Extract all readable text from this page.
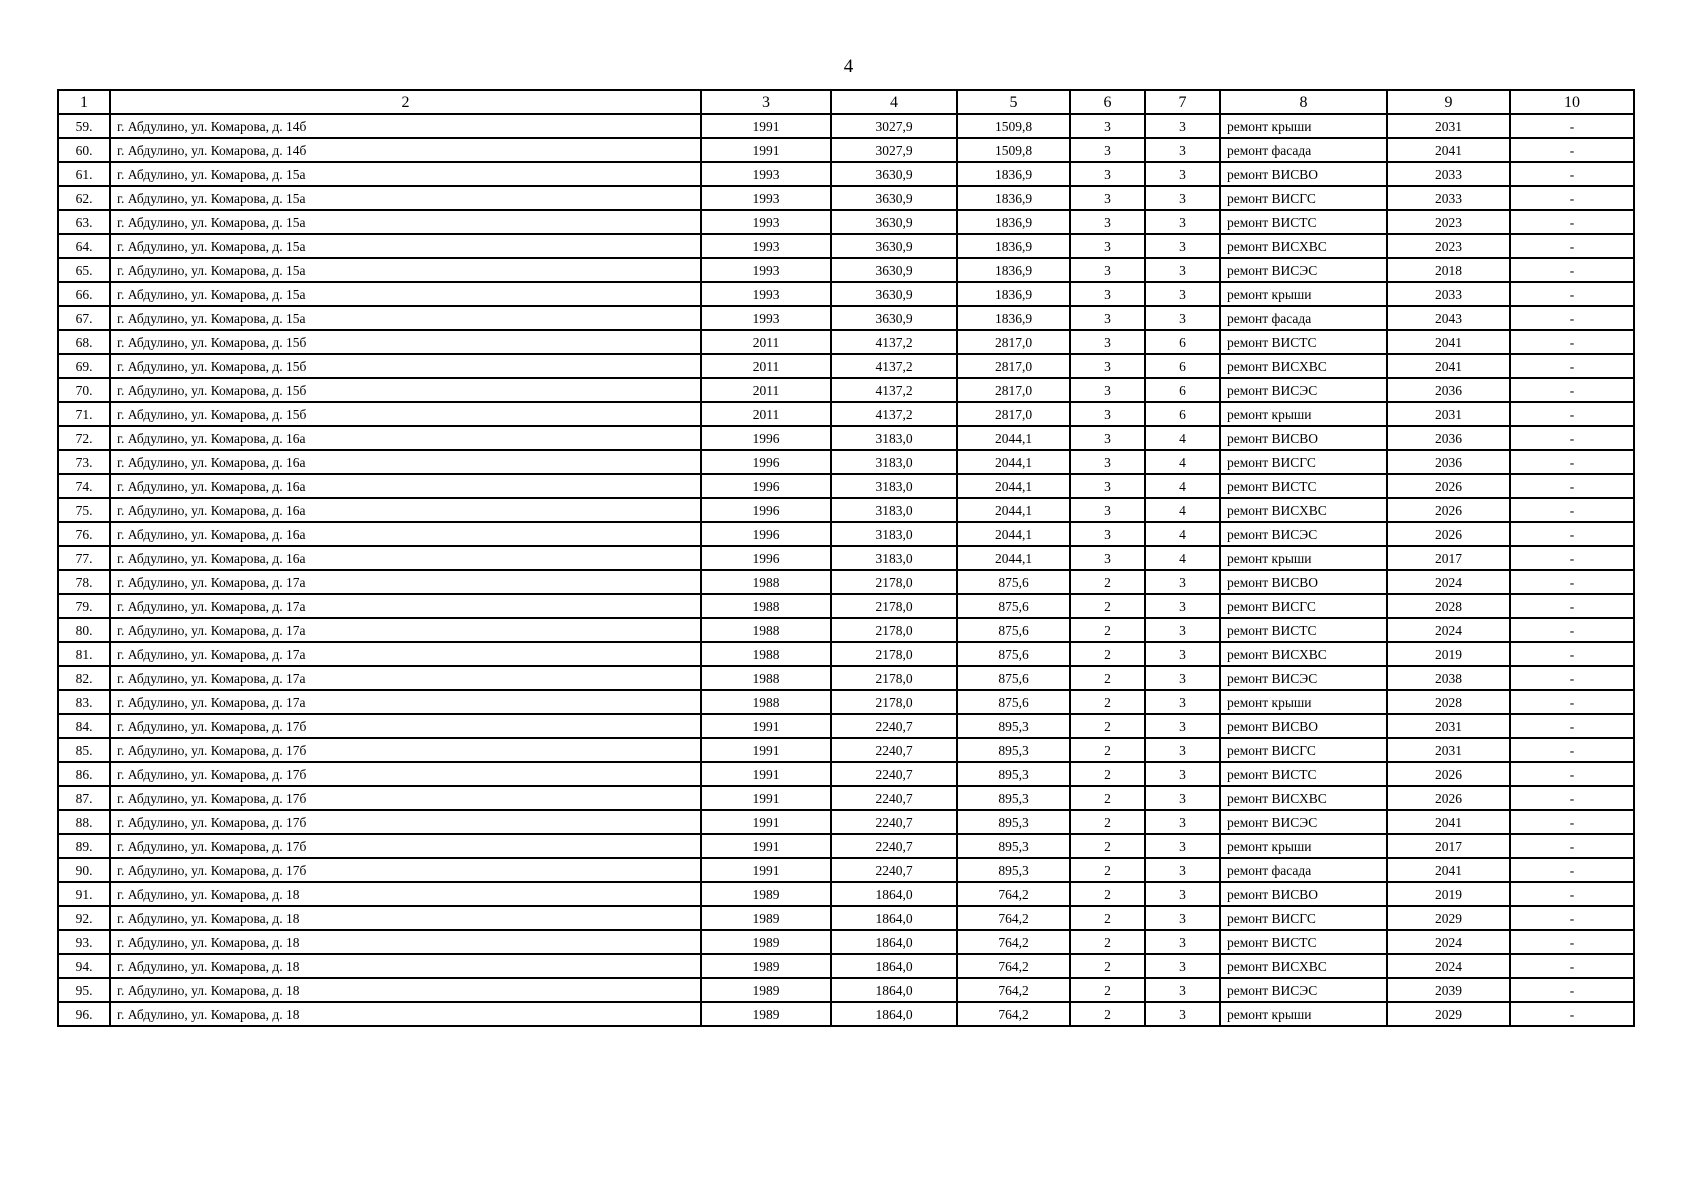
4
1	2	3	4	5	6	7	8	9	10
59.	г. Абдулино, ул. Комарова, д. 14б	1991	3027,9	1509,8	3	3	ремонт крыши	2031	-
60.	г. Абдулино, ул. Комарова, д. 14б	1991	3027,9	1509,8	3	3	ремонт фасада	2041	-
61.	г. Абдулино, ул. Комарова, д. 15а	1993	3630,9	1836,9	3	3	ремонт ВИСВО	2033	-
62.	г. Абдулино, ул. Комарова, д. 15а	1993	3630,9	1836,9	3	3	ремонт ВИСГС	2033	-
63.	г. Абдулино, ул. Комарова, д. 15а	1993	3630,9	1836,9	3	3	ремонт ВИСТС	2023	-
64.	г. Абдулино, ул. Комарова, д. 15а	1993	3630,9	1836,9	3	3	ремонт ВИСХВС	2023	-
65.	г. Абдулино, ул. Комарова, д. 15а	1993	3630,9	1836,9	3	3	ремонт ВИСЭС	2018	-
66.	г. Абдулино, ул. Комарова, д. 15а	1993	3630,9	1836,9	3	3	ремонт крыши	2033	-
67.	г. Абдулино, ул. Комарова, д. 15а	1993	3630,9	1836,9	3	3	ремонт фасада	2043	-
68.	г. Абдулино, ул. Комарова, д. 15б	2011	4137,2	2817,0	3	6	ремонт ВИСТС	2041	-
69.	г. Абдулино, ул. Комарова, д. 15б	2011	4137,2	2817,0	3	6	ремонт ВИСХВС	2041	-
70.	г. Абдулино, ул. Комарова, д. 15б	2011	4137,2	2817,0	3	6	ремонт ВИСЭС	2036	-
71.	г. Абдулино, ул. Комарова, д. 15б	2011	4137,2	2817,0	3	6	ремонт крыши	2031	-
72.	г. Абдулино, ул. Комарова, д. 16а	1996	3183,0	2044,1	3	4	ремонт ВИСВО	2036	-
73.	г. Абдулино, ул. Комарова, д. 16а	1996	3183,0	2044,1	3	4	ремонт ВИСГС	2036	-
74.	г. Абдулино, ул. Комарова, д. 16а	1996	3183,0	2044,1	3	4	ремонт ВИСТС	2026	-
75.	г. Абдулино, ул. Комарова, д. 16а	1996	3183,0	2044,1	3	4	ремонт ВИСХВС	2026	-
76.	г. Абдулино, ул. Комарова, д. 16а	1996	3183,0	2044,1	3	4	ремонт ВИСЭС	2026	-
77.	г. Абдулино, ул. Комарова, д. 16а	1996	3183,0	2044,1	3	4	ремонт крыши	2017	-
78.	г. Абдулино, ул. Комарова, д. 17а	1988	2178,0	875,6	2	3	ремонт ВИСВО	2024	-
79.	г. Абдулино, ул. Комарова, д. 17а	1988	2178,0	875,6	2	3	ремонт ВИСГС	2028	-
80.	г. Абдулино, ул. Комарова, д. 17а	1988	2178,0	875,6	2	3	ремонт ВИСТС	2024	-
81.	г. Абдулино, ул. Комарова, д. 17а	1988	2178,0	875,6	2	3	ремонт ВИСХВС	2019	-
82.	г. Абдулино, ул. Комарова, д. 17а	1988	2178,0	875,6	2	3	ремонт ВИСЭС	2038	-
83.	г. Абдулино, ул. Комарова, д. 17а	1988	2178,0	875,6	2	3	ремонт крыши	2028	-
84.	г. Абдулино, ул. Комарова, д. 17б	1991	2240,7	895,3	2	3	ремонт ВИСВО	2031	-
85.	г. Абдулино, ул. Комарова, д. 17б	1991	2240,7	895,3	2	3	ремонт ВИСГС	2031	-
86.	г. Абдулино, ул. Комарова, д. 17б	1991	2240,7	895,3	2	3	ремонт ВИСТС	2026	-
87.	г. Абдулино, ул. Комарова, д. 17б	1991	2240,7	895,3	2	3	ремонт ВИСХВС	2026	-
88.	г. Абдулино, ул. Комарова, д. 17б	1991	2240,7	895,3	2	3	ремонт ВИСЭС	2041	-
89.	г. Абдулино, ул. Комарова, д. 17б	1991	2240,7	895,3	2	3	ремонт крыши	2017	-
90.	г. Абдулино, ул. Комарова, д. 17б	1991	2240,7	895,3	2	3	ремонт фасада	2041	-
91.	г. Абдулино, ул. Комарова, д. 18	1989	1864,0	764,2	2	3	ремонт ВИСВО	2019	-
92.	г. Абдулино, ул. Комарова, д. 18	1989	1864,0	764,2	2	3	ремонт ВИСГС	2029	-
93.	г. Абдулино, ул. Комарова, д. 18	1989	1864,0	764,2	2	3	ремонт ВИСТС	2024	-
94.	г. Абдулино, ул. Комарова, д. 18	1989	1864,0	764,2	2	3	ремонт ВИСХВС	2024	-
95.	г. Абдулино, ул. Комарова, д. 18	1989	1864,0	764,2	2	3	ремонт ВИСЭС	2039	-
96.	г. Абдулино, ул. Комарова, д. 18	1989	1864,0	764,2	2	3	ремонт крыши	2029	-
